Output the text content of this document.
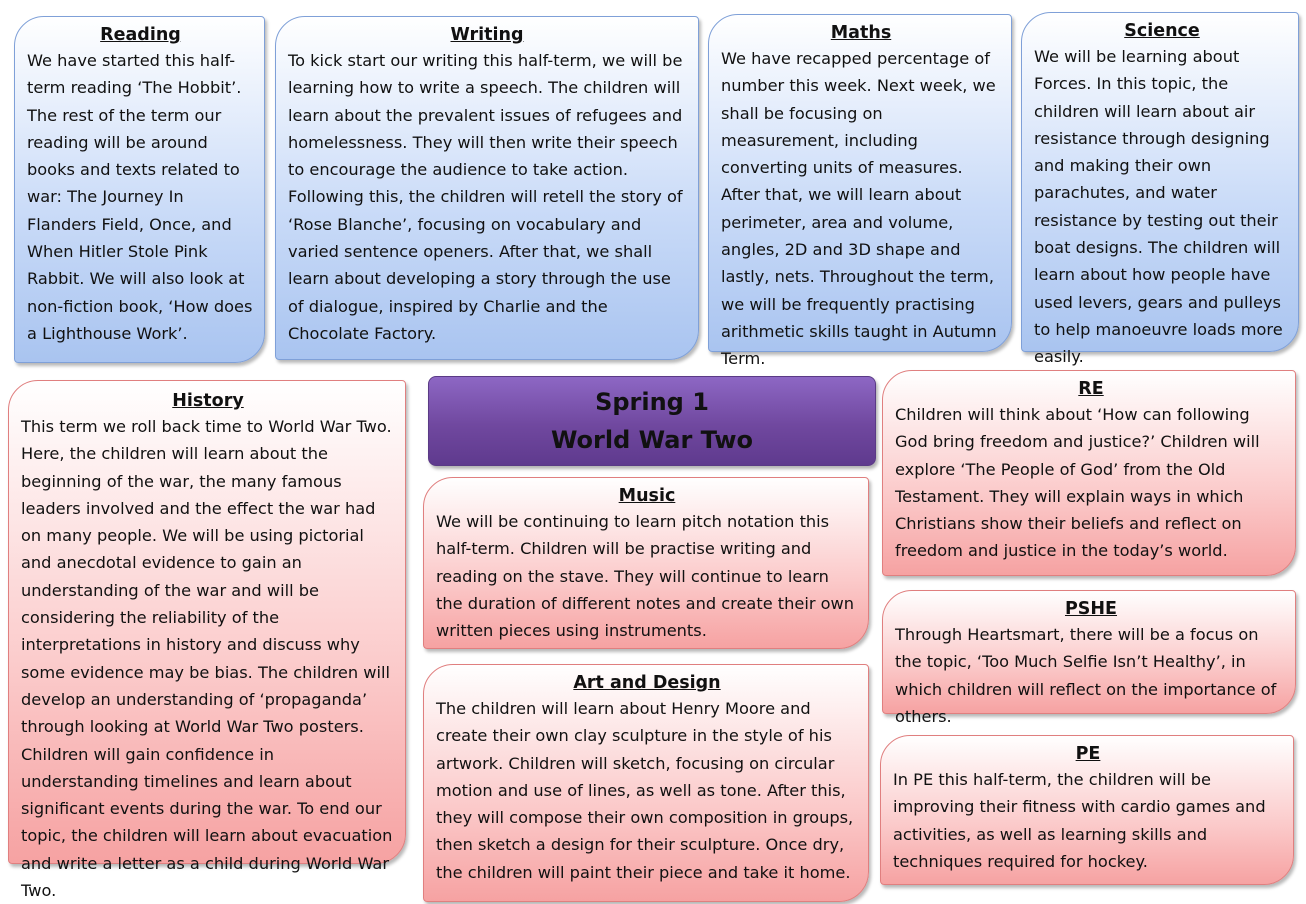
Reading

We have started this half-term reading ‘The Hobbit’. The rest of the term our reading will be around books and texts related to war: The Journey In Flanders Field, Once, and When Hitler Stole Pink Rabbit. We will also look at non-fiction book, ‘How does a Lighthouse Work’.

Writing

To kick start our writing this half-term, we will be learning how to write a speech. The children will learn about the prevalent issues of refugees and homelessness. They will then write their speech to encourage the audience to take action. Following this, the children will retell the story of ‘Rose Blanche’, focusing on vocabulary and varied sentence openers. After that, we shall learn about developing a story through the use of dialogue, inspired by Charlie and the Chocolate Factory.

Maths

We have recapped percentage of number this week. Next week, we shall be focusing on measurement, including converting units of measures. After that, we will learn about perimeter, area and volume, angles, 2D and 3D shape and lastly, nets. Throughout the term, we will be frequently practising arithmetic skills taught in Autumn Term.

Science

We will be learning about Forces. In this topic, the children will learn about air resistance through designing and making their own parachutes, and water resistance by testing out their boat designs. The children will learn about how people have used levers, gears and pulleys to help manoeuvre loads more easily.

History

This term we roll back time to World War Two. Here, the children will learn about the beginning of the war, the many famous leaders involved and the effect the war had on many people. We will be using pictorial and anecdotal evidence to gain an understanding of the war and will be considering the reliability of the interpretations in history and discuss why some evidence may be bias. The children will develop an understanding of ‘propaganda’ through looking at World War Two posters. Children will gain confidence in understanding timelines and learn about significant events during the war. To end our topic, the children will learn about evacuation and write a letter as a child during World War Two.

Spring 1
World War Two
Music

We will be continuing to learn pitch notation this half-term. Children will be practise writing and reading on the stave. They will continue to learn the duration of different notes and create their own written pieces using instruments.

Art and Design

The children will learn about Henry Moore and create their own clay sculpture in the style of his artwork. Children will sketch, focusing on circular motion and use of lines, as well as tone. After this, they will compose their own composition in groups, then sketch a design for their sculpture. Once dry, the children will paint their piece and take it home.

RE

Children will think about ‘How can following God bring freedom and justice?’ Children will explore ‘The People of God’ from the Old Testament. They will explain ways in which Christians show their beliefs and reflect on freedom and justice in the today’s world.

PSHE

Through Heartsmart, there will be a focus on the topic, ‘Too Much Selfie Isn’t Healthy’, in which children will reflect on the importance of others.

PE

In PE this half-term, the children will be improving their fitness with cardio games and activities, as well as learning skills and techniques required for hockey.
